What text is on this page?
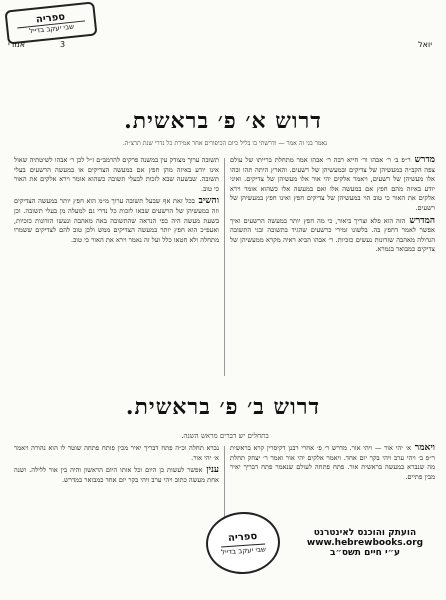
ספריה
שבי יעקב בדייל
אמרי	3	יואל
דרוש א׳ פ׳ בראשית.
נאמר בגי זה אמר — ודרשתי בו בליל כיום הכיפורים אחר אמירת כל נדרי שנת תרצ״ה.

מדרש ר״פ ב׳ ר׳ אבהו ור׳ חייא רבה ר׳ אבהו אמר מתחלת ברייתו של עולם צפה הקב״ה במעשיהן של צדיקים ובמעשיהן של רשעים. והארץ היתה תהו ובהו אלו מעשיהן של רשעים, ויאמר אלקים יהי אור אלו מעשיהן של צדיקים. ואיני יודע באיזה מהם חפץ אם במעשה אלו ואם במעשה אלו כשהוא אומר וירא אלקים את האור כי טוב הוי במעשיהן של צדיקים חפץ ואינו חפץ במעשיהן של רשעים.

המדרש הזה הוא פלא וצריך ביאור, כי מה חפץ יותר במעשה הרשעים ואיך אפשר לאמר דחפץ בה. בלשונו זמירי כרשעים שהגיד בתשובה ובגי התשובה הגדולה מאהבה שזדונות נעשים כזכיות. ר׳ אבהו הביא ראיה מקרא ממעשיהן של צדיקים כמבואר בגמרא.

תשובה ערוך מצודק עין במשנה פרקים להרמב״ם ז״ל לכן ר׳ אבהו לשיטתיה שאול אינו יודע באיזה מהן חפץ אם במעשה הצדיקים או במעשה הרשעים בעלי תשובה. שבשעה שבא לזכות לבעלי תשובה כשהוא אומר וירא אלקים את האור כי טוב.

והשיב בכל זאת אף שבעל תשובה ערוך מ״מ הוא חפץ יותר במעשה הצדיקים וזה במעשיהן של הרשעים שבאו לזכות כל נדרי גם למעלה מן בעלי תשובה. וכן בשעת מעשה היה כפי הנראה שהתשובה באה מאהבה ונעשו הזדונות כזכיות, ואעפ״כ הוא חפץ יותר במעשה הצדיקים ממש ולכן טוב להם לצדיקים ששמרו מתחלה ולא חטאו כלל ועל זה נאמר וירא את האור כי טוב.

דרוש ב׳ פ׳ בראשית.
בתחלים יש דברים מראש השנה.

ויאמר א׳ יהי אור — ויהי אור. מדרש ר׳ פ׳ אחרי רבנן דקיסרין קרא בראשית ר״פ ב׳ ויהי ערב ויהי בקר יום אחד. ויאמר אלקים יהי אור ואמר ר׳ יצחק תחלת מה שנברא במעשה בראשית אור. פתח פתחה לעולם שנאמר פתח דבריך יאיר מבין פתיים.

נברא תחלה וכ״ה פתח דבריך יאיר מכין פותח פתחה שוטר לו הוא נהורה ויאמר א׳ יהי אור.

ענין אפשר לעשות כן היום וכל אותו היום הראשון והיה בין אור ללילה. ושנה אחת מעשה כתוב ויהי ערב ויהי בקר יום אחד כמבואר במדרש.

ספריה
שבי יעקב בדייל
הועתק והוכנס לאינטרנט
www.hebrewbooks.org
ע״י חיים תשס״ב
